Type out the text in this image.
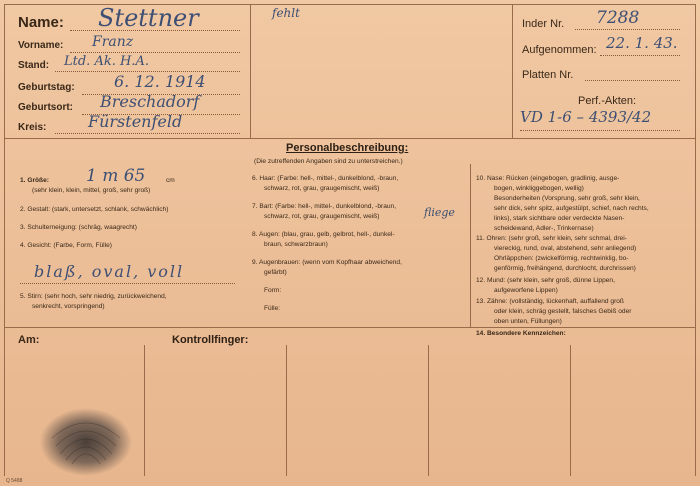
Name: Stettner
Vorname: Franz
Stand: Ltd. Ak. H.A.
Geburtstag: 6. 12. 1914
Geburtsort: Breschadorf
Kreis:	Fürstenfeld
fehlt
Inder Nr. 7288
Aufgenommen: 22. 1. 43.
Platten Nr.
Perf.-Akten:
VD 1-6 – 4393/42
Personalbeschreibung:
(Die zutreffenden Angaben sind zu unterstreichen.)
1. Größe: 1 m 65	cm
(sehr klein, klein, mittel, groß, sehr groß)
2. Gestalt: (stark, untersetzt, schlank, schwächlich)
3. Schulterneigung: (schräg, waagrecht)
4. Gesicht: (Farbe, Form, Fülle)
blaß, oval, voll
5. Stirn: (sehr hoch, sehr niedrig, zurückweichend,
senkrecht, vorspringend)
6. Haar: (Farbe: hell-, mittel-, dunkelblond, -braun,
schwarz, rot, grau, graugemischt, weiß)
7. Bart: (Farbe: hell-, mittel-, dunkelblond, -braun,
schwarz, rot, grau, graugemischt, weiß)	fliege
8. Augen: (blau, grau, gelb, gelbrot, hell-, dunkel-
braun, schwarzbraun)
9. Augenbrauen: (wenn vom Kopfhaar abweichend,
gefärbt)
Form:
Fülle:
10. Nase: Rücken (eingebogen, gradlinig, ausge-
bogen, winkliggebogen, wellig)
Besonderheiten (Vorsprung, sehr groß, sehr klein,
sehr dick, sehr spitz, aufgestülpt, schief, nach rechts,
links), stark sichtbare oder verdeckte Nasen-
scheidewand, Adler-, Trinkernase)
11. Ohren: (sehr groß, sehr klein, sehr schmal, drei-
viereckig, rund, oval, abstehend, sehr anliegend)
Ohrläppchen: (zwickelförmig, rechtwinklig, bo-
genförmig, freihängend, durchlocht, durchrissen)
12. Mund: (sehr klein, sehr groß, dünne Lippen,
aufgeworfene Lippen)
13. Zähne: (vollständig, lückenhaft, auffallend groß
oder klein, schräg gestellt, falsches Gebiß oder
oben unten, Füllungen)
14. Besondere Kennzeichen:
Am:	Kontrollfinger:
Q 5488
